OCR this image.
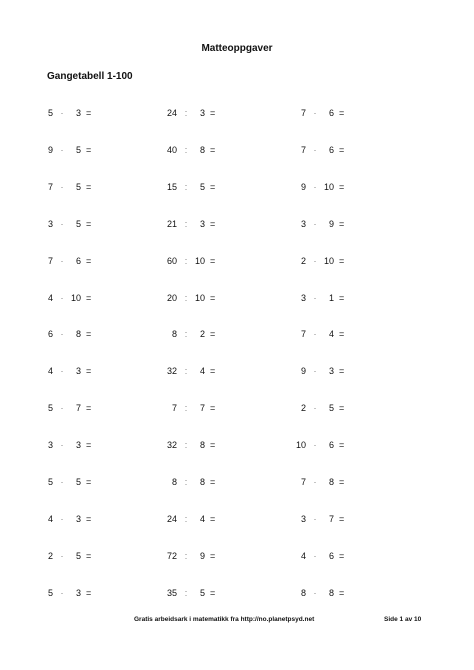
Matteoppgaver
Gangetabell 1-100
5 ·	3 =	24 :	3 =	7 ·	6 =
9 ·	5 =	40 :	8 =	7 ·	6 =
7 ·	5 =	15 :	5 =	9 · 10 =
3 ·	5 =	21 :	3 =	3 ·	9 =
7 ·	6 =	60 : 10 =	2 · 10 =
4 · 10 =	20 : 10 =	3 ·	1 =
6 ·	8 =	8 :	2 =	7 ·	4 =
4 ·	3 =	32 :	4 =	9 ·	3 =
5 ·	7 =	7 :	7 =	2 ·	5 =
3 ·	3 =	32 :	8 =	10 ·	6 =
5 ·	5 =	8 :	8 =	7 ·	8 =
4 ·	3 =	24 :	4 =	3 ·	7 =
2 ·	5 =	72 :	9 =	4 ·	6 =
5 ·	3 =	35 :	5 =	8 ·	8 =
Gratis arbeidsark i matematikk fra http://no.planetpsyd.net	Side 1 av 10
